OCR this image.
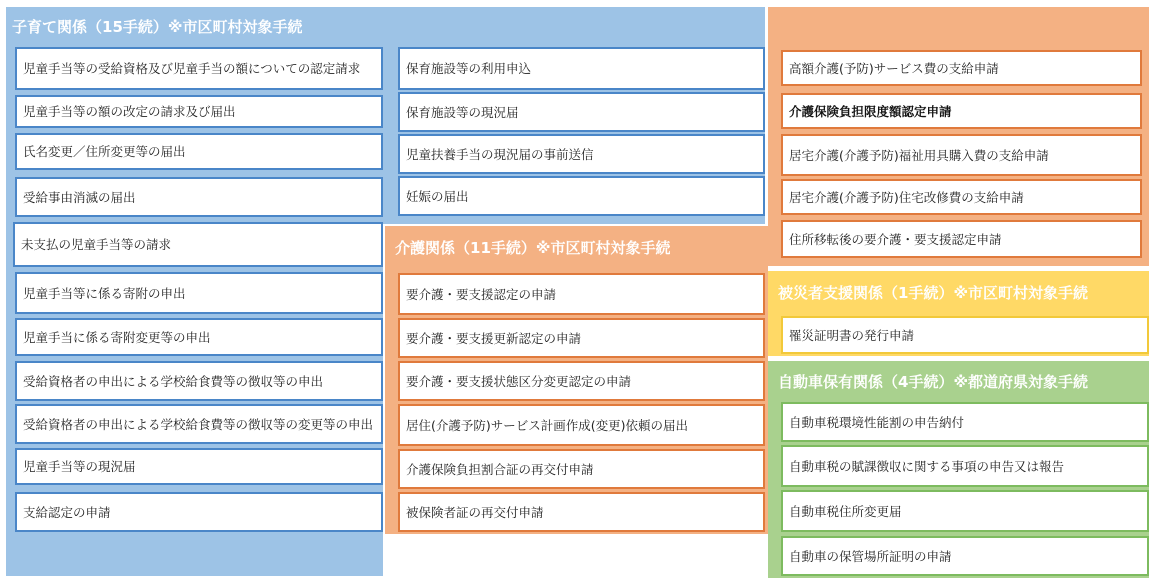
子育て関係（15手続）※市区町村対象手続
児童手当等の受給資格及び児童手当の額についての認定請求
児童手当等の額の改定の請求及び届出
氏名変更／住所変更等の届出
受給事由消滅の届出
未支払の児童手当等の請求
児童手当等に係る寄附の申出
児童手当に係る寄附変更等の申出
受給資格者の申出による学校給食費等の徴収等の申出
受給資格者の申出による学校給食費等の徴収等の変更等の申出
児童手当等の現況届
支給認定の申請
保育施設等の利用申込
保育施設等の現況届
児童扶養手当の現況届の事前送信
妊娠の届出
介護関係（11手続）※市区町村対象手続
要介護・要支援認定の申請
要介護・要支援更新認定の申請
要介護・要支援状態区分変更認定の申請
居住(介護予防)サービス計画作成(変更)依頼の届出
介護保険負担割合証の再交付申請
被保険者証の再交付申請
高額介護(予防)サービス費の支給申請
介護保険負担限度額認定申請
居宅介護(介護予防)福祉用具購入費の支給申請
居宅介護(介護予防)住宅改修費の支給申請
住所移転後の要介護・要支援認定申請
被災者支援関係（1手続）※市区町村対象手続
罹災証明書の発行申請
自動車保有関係（4手続）※都道府県対象手続
自動車税環境性能割の申告納付
自動車税の賦課徴収に関する事項の申告又は報告
自動車税住所変更届
自動車の保管場所証明の申請
